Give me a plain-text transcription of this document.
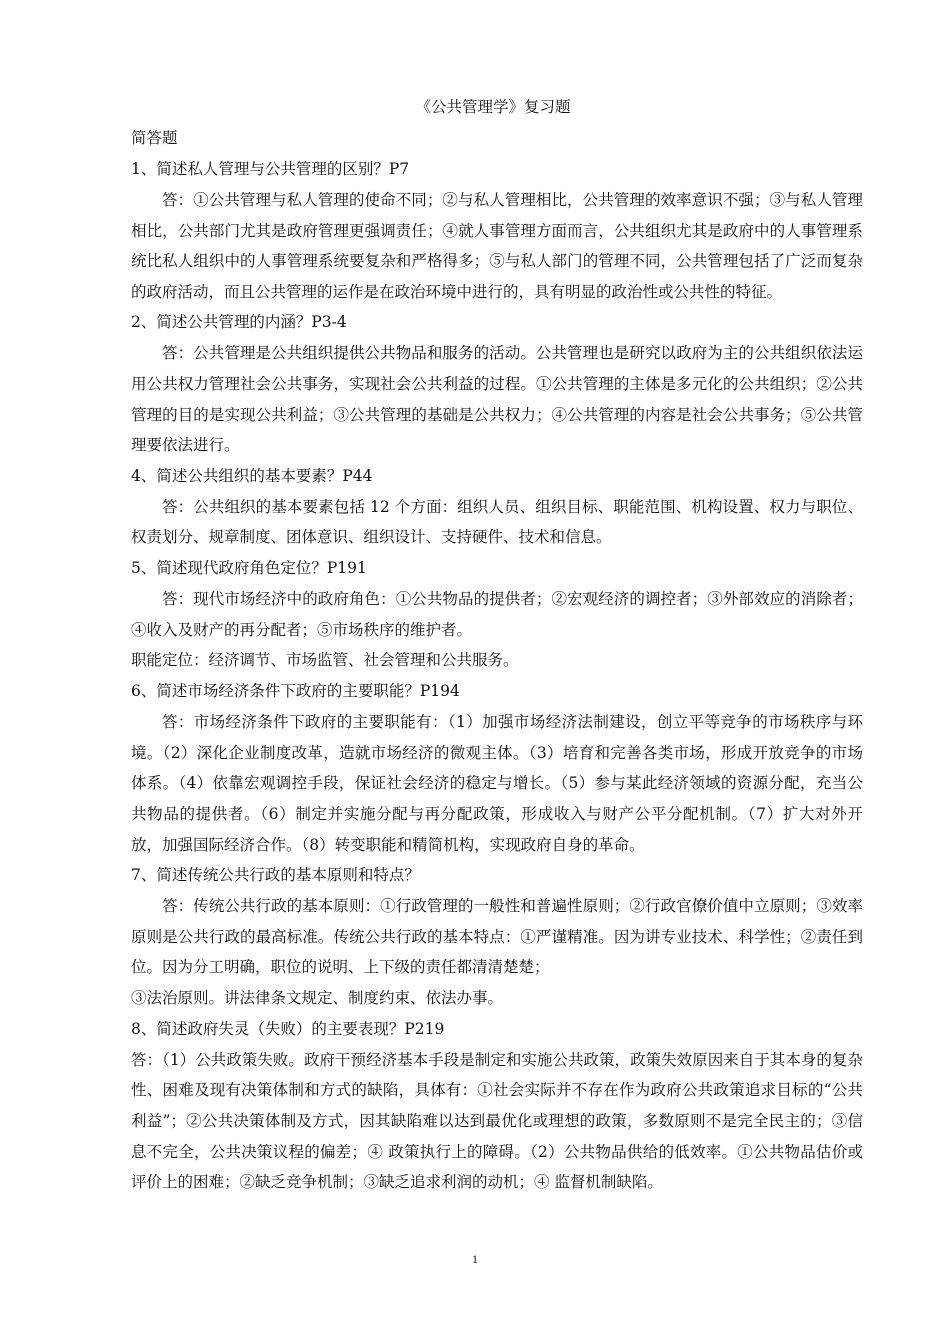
《公共管理学》复习题
简答题
1、简述私人管理与公共管理的区别？P7

答：①公共管理与私人管理的使命不同；②与私人管理相比，公共管理的效率意识不强；③与私人管理相比，公共部门尤其是政府管理更强调责任；④就人事管理方面而言，公共组织尤其是政府中的人事管理系统比私人组织中的人事管理系统要复杂和严格得多；⑤与私人部门的管理不同，公共管理包括了广泛而复杂的政府活动，而且公共管理的运作是在政治环境中进行的，具有明显的政治性或公共性的特征。

2、简述公共管理的内涵？P3-4

答：公共管理是公共组织提供公共物品和服务的活动。公共管理也是研究以政府为主的公共组织依法运用公共权力管理社会公共事务，实现社会公共利益的过程。①公共管理的主体是多元化的公共组织；②公共管理的目的是实现公共利益；③公共管理的基础是公共权力；④公共管理的内容是社会公共事务；⑤公共管理要依法进行。

4、简述公共组织的基本要素？P44

答：公共组织的基本要素包括 12 个方面：组织人员、组织目标、职能范围、机构设置、权力与职位、权责划分、规章制度、团体意识、组织设计、支持硬件、技术和信息。

5、简述现代政府角色定位？P191

答：现代市场经济中的政府角色：①公共物品的提供者；②宏观经济的调控者；③外部效应的消除者；④收入及财产的再分配者；⑤市场秩序的维护者。

职能定位：经济调节、市场监管、社会管理和公共服务。
6、简述市场经济条件下政府的主要职能？P194

答：市场经济条件下政府的主要职能有：（1）加强市场经济法制建设，创立平等竞争的市场秩序与环境。（2）深化企业制度改革，造就市场经济的微观主体。（3）培育和完善各类市场，形成开放竞争的市场体系。（4）依靠宏观调控手段，保证社会经济的稳定与增长。（5）参与某此经济领域的资源分配，充当公共物品的提供者。（6）制定并实施分配与再分配政策，形成收入与财产公平分配机制。（7）扩大对外开放，加强国际经济合作。（8）转变职能和精简机构，实现政府自身的革命。

7、简述传统公共行政的基本原则和特点？

答：传统公共行政的基本原则：①行政管理的一般性和普遍性原则；②行政官僚价值中立原则；③效率原则是公共行政的最高标准。传统公共行政的基本特点：①严谨精准。因为讲专业技术、科学性；②责任到位。因为分工明确，职位的说明、上下级的责任都清清楚楚；

③法治原则。讲法律条文规定、制度约束、依法办事。
8、简述政府失灵（失败）的主要表现？P219

答：（1）公共政策失败。政府干预经济基本手段是制定和实施公共政策，政策失效原因来自于其本身的复杂性、困难及现有决策体制和方式的缺陷，具体有：①社会实际并不存在作为政府公共政策追求目标的“公共利益”；②公共决策体制及方式，因其缺陷难以达到最优化或理想的政策，多数原则不是完全民主的；③信息不完全，公共决策议程的偏差；④ 政策执行上的障碍。（2）公共物品供给的低效率。①公共物品估价或评价上的困难；②缺乏竞争机制；③缺乏追求利润的动机；④ 监督机制缺陷。

1
